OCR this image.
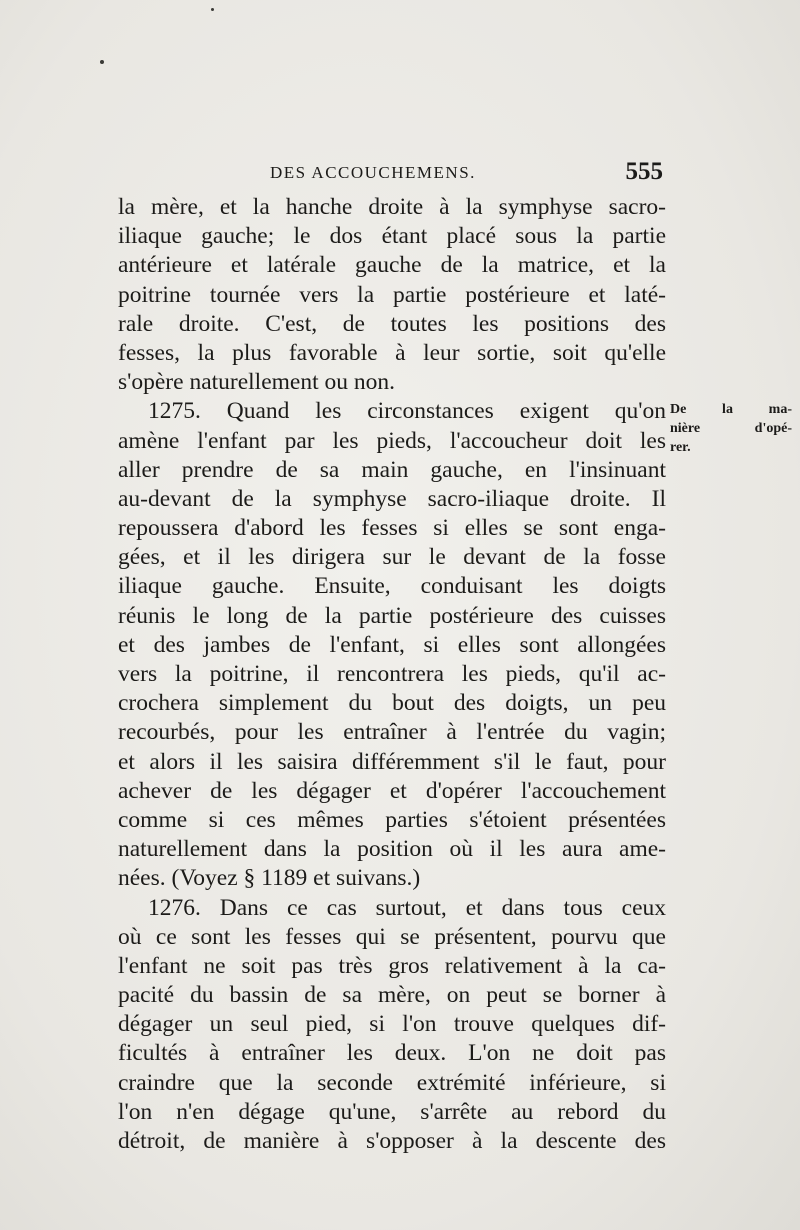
DES ACCOUCHEMENS.	555
la mère, et la hanche droite à la symphyse sacro-
iliaque gauche; le dos étant placé sous la partie
antérieure et latérale gauche de la matrice, et la
poitrine tournée vers la partie postérieure et laté-
rale droite. C'est, de toutes les positions des
fesses, la plus favorable à leur sortie, soit qu'elle
s'opère naturellement ou non.
1275. Quand les circonstances exigent qu'on
amène l'enfant par les pieds, l'accoucheur doit les
aller prendre de sa main gauche, en l'insinuant
au-devant de la symphyse sacro-iliaque droite. Il
repoussera d'abord les fesses si elles se sont enga-
gées, et il les dirigera sur le devant de la fosse
iliaque gauche. Ensuite, conduisant les doigts
réunis le long de la partie postérieure des cuisses
et des jambes de l'enfant, si elles sont allongées
vers la poitrine, il rencontrera les pieds, qu'il ac-
crochera simplement du bout des doigts, un peu
recourbés, pour les entraîner à l'entrée du vagin;
et alors il les saisira différemment s'il le faut, pour
achever de les dégager et d'opérer l'accouchement
comme si ces mêmes parties s'étoient présentées
naturellement dans la position où il les aura ame-
nées. (Voyez § 1189 et suivans.)
1276. Dans ce cas surtout, et dans tous ceux
où ce sont les fesses qui se présentent, pourvu que
l'enfant ne soit pas très gros relativement à la ca-
pacité du bassin de sa mère, on peut se borner à
dégager un seul pied, si l'on trouve quelques dif-
ficultés à entraîner les deux. L'on ne doit pas
craindre que la seconde extrémité inférieure, si
l'on n'en dégage qu'une, s'arrête au rebord du
détroit, de manière à s'opposer à la descente des
De la ma-
nière d'opé-
rer.
